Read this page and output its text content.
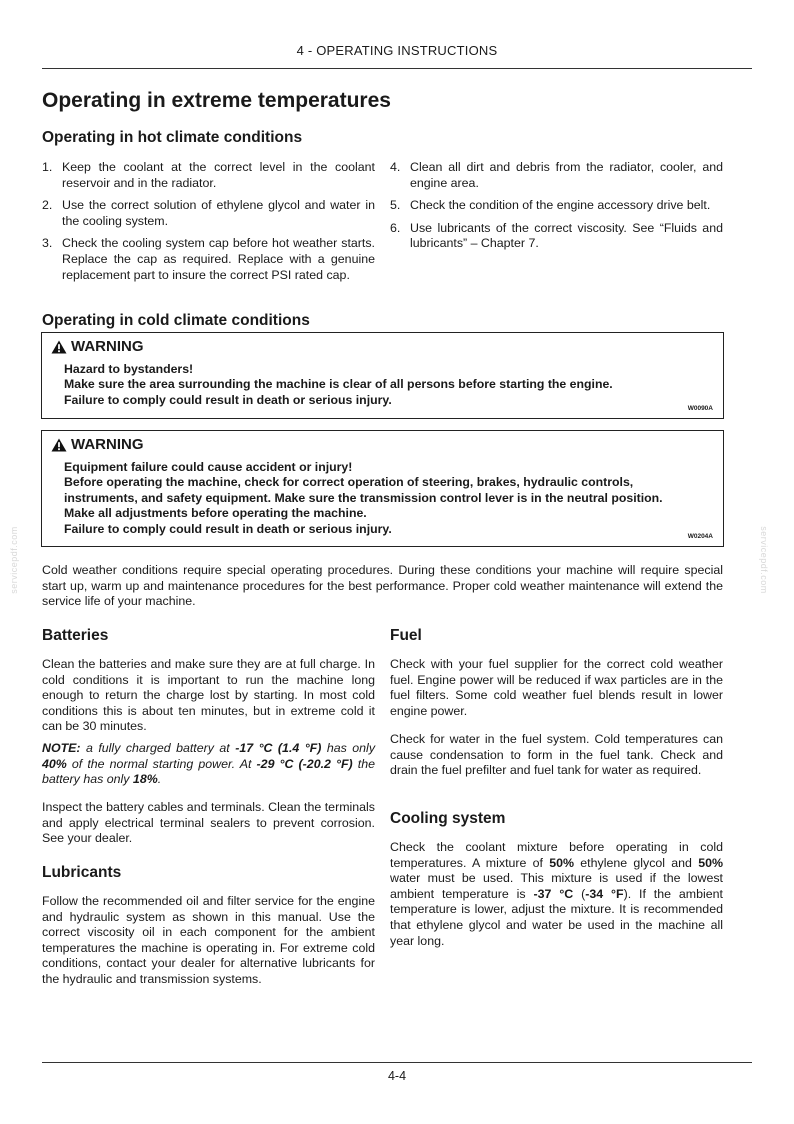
4 - OPERATING INSTRUCTIONS
Operating in extreme temperatures
Operating in hot climate conditions
1. Keep the coolant at the correct level in the coolant reservoir and in the radiator.
2. Use the correct solution of ethylene glycol and water in the cooling system.
3. Check the cooling system cap before hot weather starts. Replace the cap as required. Replace with a genuine replacement part to insure the correct PSI rated cap.
4. Clean all dirt and debris from the radiator, cooler, and engine area.
5. Check the condition of the engine accessory drive belt.
6. Use lubricants of the correct viscosity. See “Fluids and lubricants” – Chapter 7.
Operating in cold climate conditions
WARNING
Hazard to bystanders!
Make sure the area surrounding the machine is clear of all persons before starting the engine.
Failure to comply could result in death or serious injury.
W0090A
WARNING
Equipment failure could cause accident or injury!
Before operating the machine, check for correct operation of steering, brakes, hydraulic controls,
instruments, and safety equipment. Make sure the transmission control lever is in the neutral position.
Make all adjustments before operating the machine.
Failure to comply could result in death or serious injury.
W0204A

Cold weather conditions require special operating procedures. During these conditions your machine will require special start up, warm up and maintenance procedures for the best performance. Proper cold weather maintenance will extend the service life of your machine.

Batteries

Clean the batteries and make sure they are at full charge. In cold conditions it is important to run the machine long enough to return the charge lost by starting. In most cold conditions this is about ten minutes, but in extreme cold it can be 30 minutes.

NOTE: a fully charged battery at -17 °C (1.4 °F) has only 40% of the normal starting power. At -29 °C (-20.2 °F) the battery has only 18%.

Inspect the battery cables and terminals. Clean the terminals and apply electrical terminal sealers to prevent corrosion. See your dealer.

Lubricants

Follow the recommended oil and filter service for the engine and hydraulic system as shown in this manual. Use the correct viscosity oil in each component for the ambient temperatures the machine is operating in. For extreme cold conditions, contact your dealer for alternative lubricants for the hydraulic and transmission systems.

Fuel

Check with your fuel supplier for the correct cold weather fuel. Engine power will be reduced if wax particles are in the fuel filters. Some cold weather fuel blends result in lower engine power.

Check for water in the fuel system. Cold temperatures can cause condensation to form in the fuel tank. Check and drain the fuel prefilter and fuel tank for water as required.

Cooling system

Check the coolant mixture before operating in cold temperatures. A mixture of 50% ethylene glycol and 50% water must be used. This mixture is used if the lowest ambient temperature is -37 °C (-34 °F). If the ambient temperature is lower, adjust the mixture. It is recommended that ethylene glycol and water be used in the machine all year long.

servicepdf.com	servicepdf.com
4-4
